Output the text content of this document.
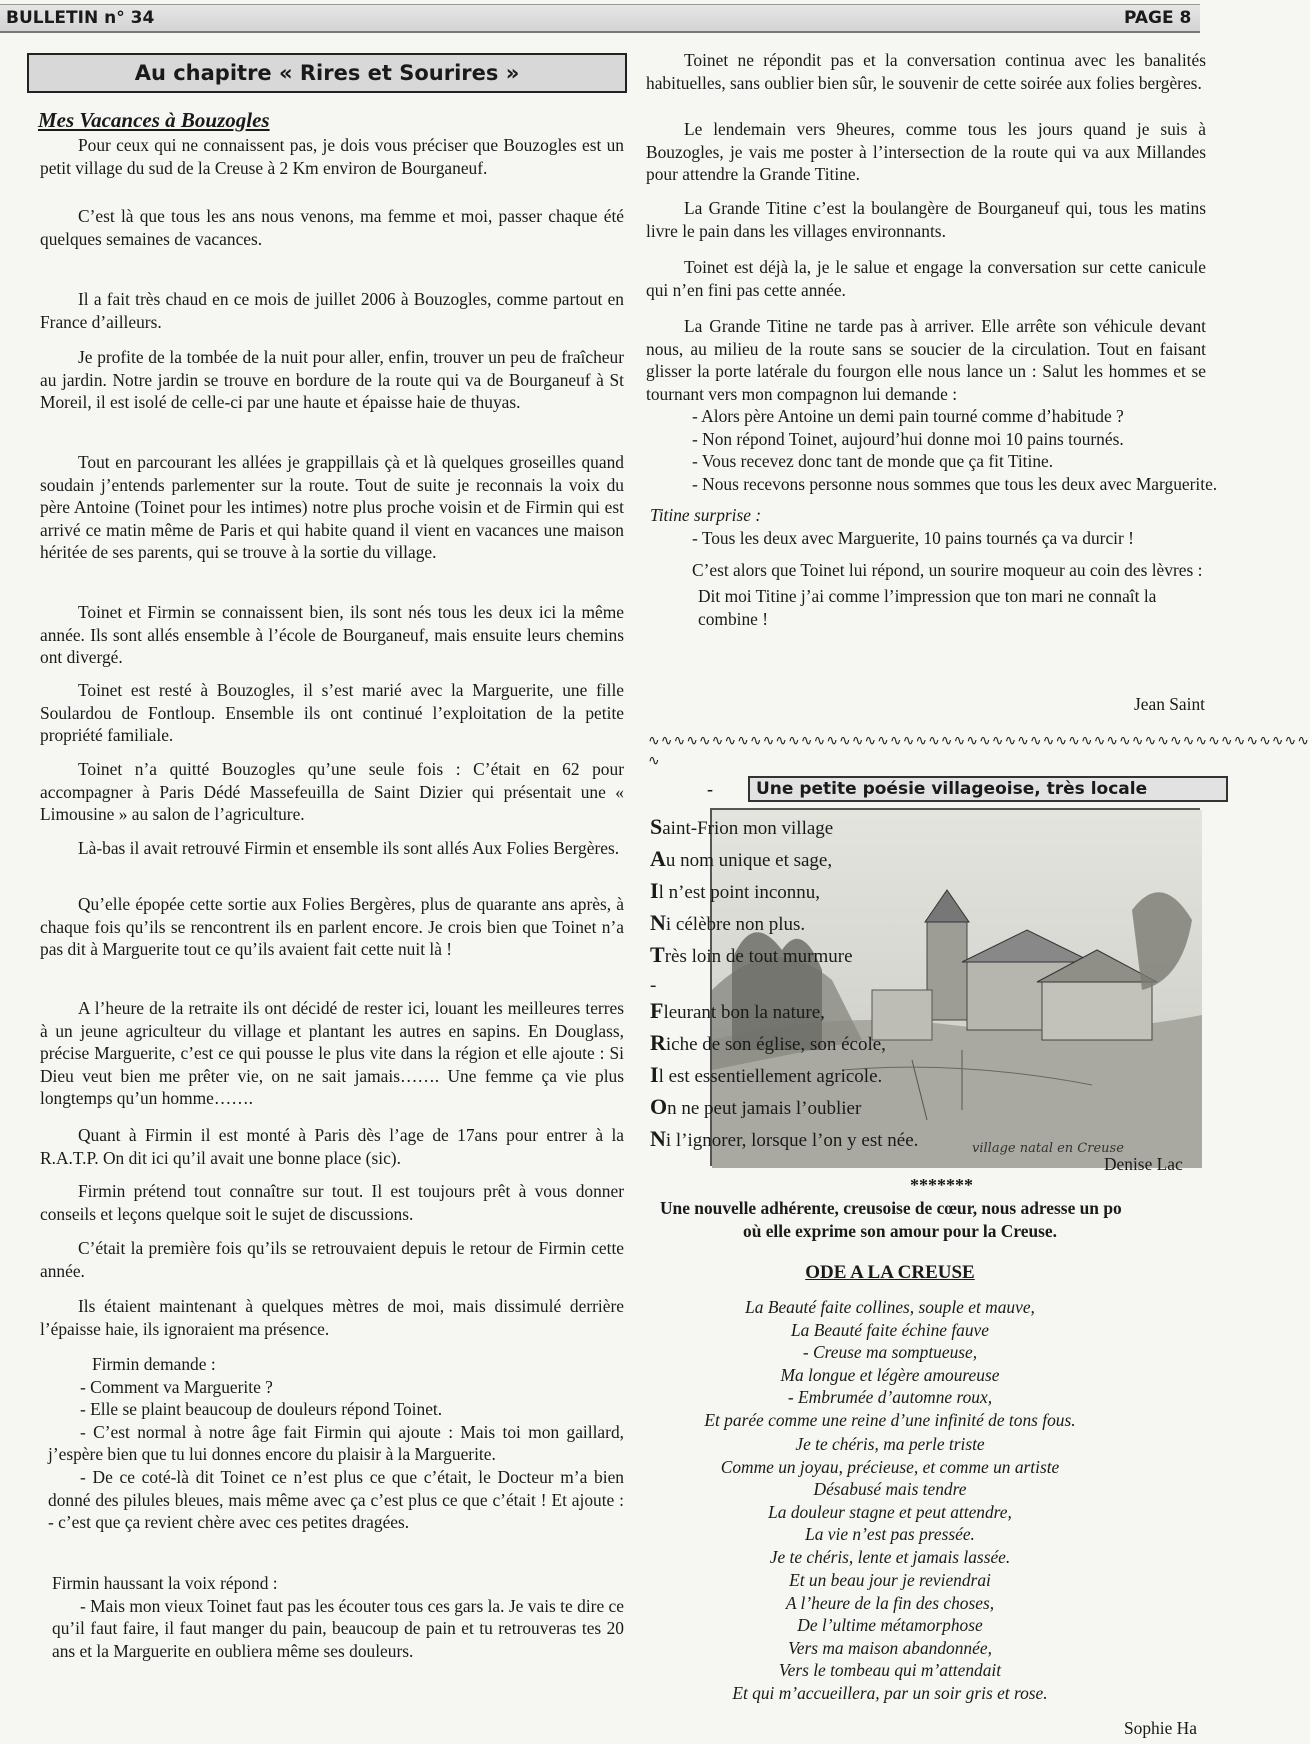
BULLETIN n° 34	PAGE 8
Au chapitre « Rires et Sourires »
Mes Vacances à Bouzogles

Pour ceux qui ne connaissent pas, je dois vous préciser que Bouzogles est un petit village du sud de la Creuse à 2 Km environ de Bourganeuf.

C’est là que tous les ans nous venons, ma femme et moi, passer chaque été quelques semaines de vacances.

Il a fait très chaud en ce mois de juillet 2006 à Bouzogles, comme partout en France d’ailleurs.

Je profite de la tombée de la nuit pour aller, enfin, trouver un peu de fraîcheur au jardin. Notre jardin se trouve en bordure de la route qui va de Bourganeuf à St Moreil, il est isolé de celle-ci par une haute et épaisse haie de thuyas.

Tout en parcourant les allées je grappillais çà et là quelques groseilles quand soudain j’entends parlementer sur la route. Tout de suite je reconnais la voix du père Antoine (Toinet pour les intimes) notre plus proche voisin et de Firmin qui est arrivé ce matin même de Paris et qui habite quand il vient en vacances une maison héritée de ses parents, qui se trouve à la sortie du village.

Toinet et Firmin se connaissent bien, ils sont nés tous les deux ici la même année. Ils sont allés ensemble à l’école de Bourganeuf, mais ensuite leurs chemins ont divergé.

Toinet est resté à Bouzogles, il s’est marié avec la Marguerite, une fille Soulardou de Fontloup. Ensemble ils ont continué l’exploitation de la petite propriété familiale.

Toinet n’a quitté Bouzogles qu’une seule fois : C’était en 62 pour accompagner à Paris Dédé Massefeuilla de Saint Dizier qui présentait une « Limousine » au salon de l’agriculture.

Là-bas il avait retrouvé Firmin et ensemble ils sont allés Aux Folies Bergères.

Qu’elle épopée cette sortie aux Folies Bergères, plus de quarante ans après, à chaque fois qu’ils se rencontrent ils en parlent encore. Je crois bien que Toinet n’a pas dit à Marguerite tout ce qu’ils avaient fait cette nuit là !

A l’heure de la retraite ils ont décidé de rester ici, louant les meilleures terres à un jeune agriculteur du village et plantant les autres en sapins. En Douglass, précise Marguerite, c’est ce qui pousse le plus vite dans la région et elle ajoute : Si Dieu veut bien me prêter vie, on ne sait jamais……. Une femme ça vie plus longtemps qu’un homme…….

Quant à Firmin il est monté à Paris dès l’age de 17ans pour entrer à la R.A.T.P. On dit ici qu’il avait une bonne place (sic).

Firmin prétend tout connaître sur tout. Il est toujours prêt à vous donner conseils et leçons quelque soit le sujet de discussions.

C’était la première fois qu’ils se retrouvaient depuis le retour de Firmin cette année.

Ils étaient maintenant à quelques mètres de moi, mais dissimulé derrière l’épaisse haie, ils ignoraient ma présence.

Firmin demande :
- Comment va Marguerite ?
- Elle se plaint beaucoup de douleurs répond Toinet.
- C’est normal à notre âge fait Firmin qui ajoute : Mais toi mon gaillard, j’espère bien que tu lui donnes encore du plaisir à la Marguerite.
- De ce coté-là dit Toinet ce n’est plus ce que c’était, le Docteur m’a bien donné des pilules bleues, mais même avec ça c’est plus ce que c’était ! Et ajoute : - c’est que ça revient chère avec ces petites dragées.
Firmin haussant la voix répond :
- Mais mon vieux Toinet faut pas les écouter tous ces gars la. Je vais te dire ce qu’il faut faire, il faut manger du pain, beaucoup de pain et tu retrouveras tes 20 ans et la Marguerite en oubliera même ses douleurs.

Toinet ne répondit pas et la conversation continua avec les banalités habituelles, sans oublier bien sûr, le souvenir de cette soirée aux folies bergères.

Le lendemain vers 9heures, comme tous les jours quand je suis à Bouzogles, je vais me poster à l’intersection de la route qui va aux Millandes pour attendre la Grande Titine.

La Grande Titine c’est la boulangère de Bourganeuf qui, tous les matins livre le pain dans les villages environnants.

Toinet est déjà la, je le salue et engage la conversation sur cette canicule qui n’en fini pas cette année.

La Grande Titine ne tarde pas à arriver. Elle arrête son véhicule devant nous, au milieu de la route sans se soucier de la circulation. Tout en faisant glisser la porte latérale du fourgon elle nous lance un : Salut les hommes et se tournant vers mon compagnon lui demande :

- Alors père Antoine un demi pain tourné comme d’habitude ?
- Non répond Toinet, aujourd’hui donne moi 10 pains tournés.
- Vous recevez donc tant de monde que ça fit Titine.
- Nous recevons personne nous sommes que tous les deux avec Marguerite.
Titine surprise :
- Tous les deux avec Marguerite, 10 pains tournés ça va durcir !
C’est alors que Toinet lui répond, un sourire moqueur au coin des lèvres :
Dit moi Titine j’ai comme l’impression que ton mari ne connaît la combine !
Jean Saint
∿∿∿∿∿∿∿∿∿∿∿∿∿∿∿∿∿∿∿∿∿∿∿∿∿∿∿∿∿∿∿∿∿∿∿∿∿∿∿∿∿∿∿∿∿∿∿∿∿∿∿∿
∿
-	Une petite poésie villageoise, très locale
village natal en Creuse
Saint-Frion mon village
Au nom unique et sage,
Il n’est point inconnu,
Ni célèbre non plus.
Très loin de tout murmure
-
Fleurant bon la nature,
Riche de son église, son école,
Il est essentiellement agricole.
On ne peut jamais l’oublier
Ni l’ignorer, lorsque l’on y est née.
Denise Lac
*******
Une nouvelle adhérente, creusoise de cœur, nous adresse un po
où elle exprime son amour pour la Creuse.
ODE A LA CREUSE
La Beauté faite collines, souple et mauve,
La Beauté faite échine fauve
- Creuse ma somptueuse,
Ma longue et légère amoureuse
- Embrumée d’automne roux,
Et parée comme une reine d’une infinité de tons fous.
Je te chéris, ma perle triste
Comme un joyau, précieuse, et comme un artiste
Désabusé mais tendre
La douleur stagne et peut attendre,
La vie n’est pas pressée.
Je te chéris, lente et jamais lassée.
Et un beau jour je reviendrai
A l’heure de la fin des choses,
De l’ultime métamorphose
Vers ma maison abandonnée,
Vers le tombeau qui m’attendait
Et qui m’accueillera, par un soir gris et rose.
Sophie Ha
